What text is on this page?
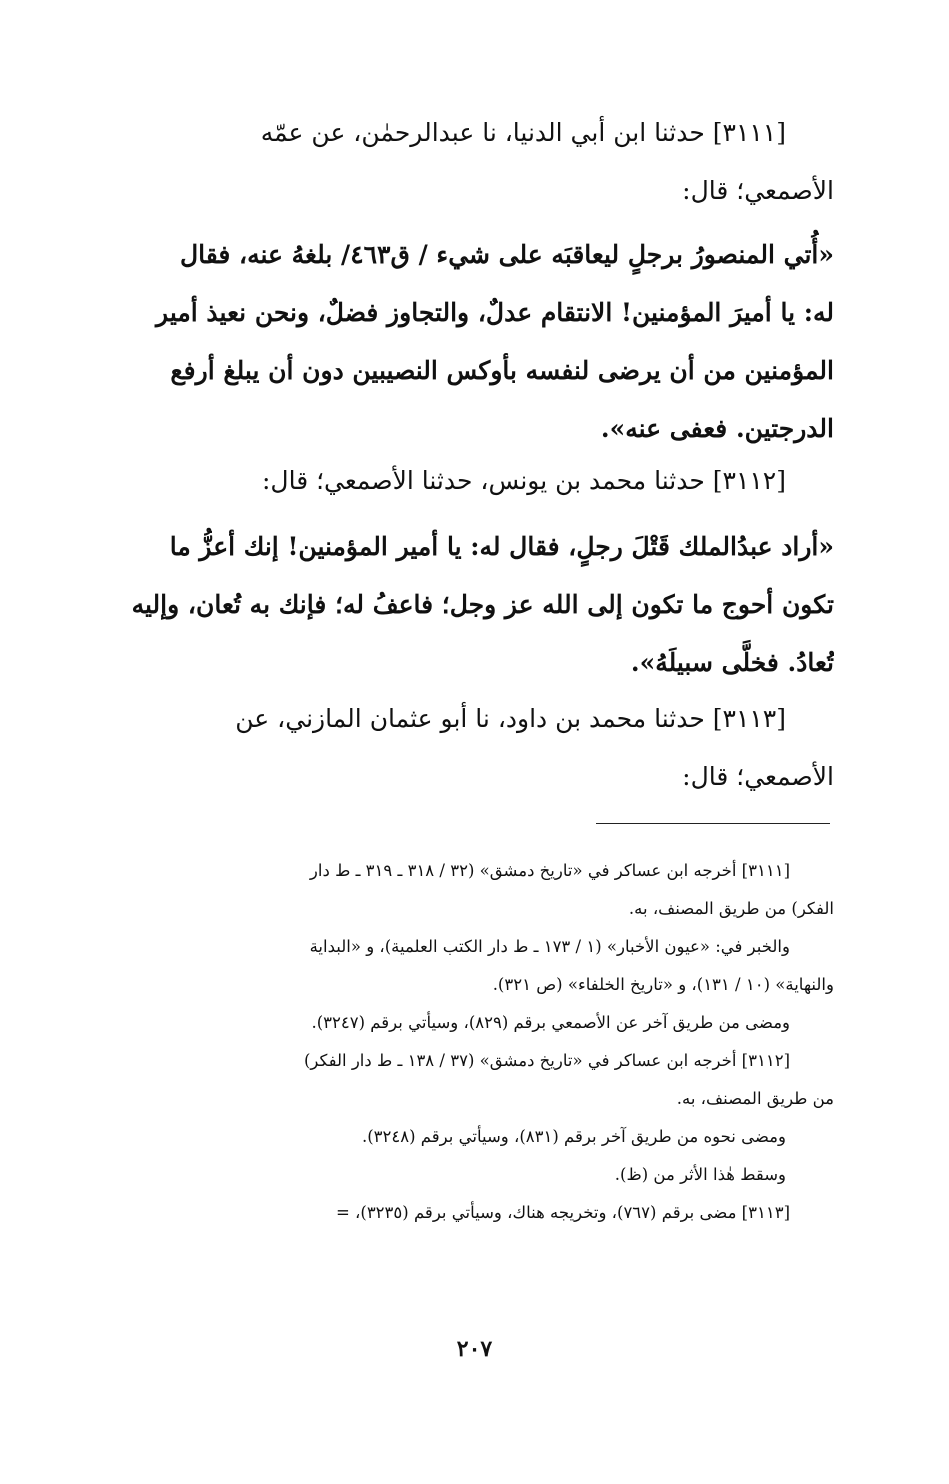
[٣١١١] حدثنا ابن أبي الدنيا، نا عبدالرحمٰن، عن عمّه
الأصمعي؛ قال:
«أُتي المنصورُ برجلٍ ليعاقبَه على شيء / ق٤٦٣/ بلغهُ عنه، فقال
له: يا أميرَ المؤمنين! الانتقام عدلٌ، والتجاوز فضلٌ، ونحن نعيذ أمير
المؤمنين من أن يرضى لنفسه بأوكس النصيبين دون أن يبلغ أرفع
الدرجتين. فعفى عنه».
[٣١١٢] حدثنا محمد بن يونس، حدثنا الأصمعي؛ قال:
«أراد عبدُالملك قَتْلَ رجلٍ، فقال له: يا أمير المؤمنين! إنك أعزُّ ما
تكون أحوج ما تكون إلى الله عز وجل؛ فاعفُ له؛ فإنك به تُعان، وإليه
تُعادُ. فخلَّى سبيلَهُ».
[٣١١٣] حدثنا محمد بن داود، نا أبو عثمان المازني، عن
الأصمعي؛ قال:
[٣١١١] أخرجه ابن عساكر في «تاريخ دمشق» (٣٢ / ٣١٨ ـ ٣١٩ ـ ط دار
الفكر) من طريق المصنف، به.
والخبر في: «عيون الأخبار» (١ / ١٧٣ ـ ط دار الكتب العلمية)، و «البداية
والنهاية» (١٠ / ١٣١)، و «تاريخ الخلفاء» (ص ٣٢١).
ومضى من طريق آخر عن الأصمعي برقم (٨٢٩)، وسيأتي برقم (٣٢٤٧).
[٣١١٢] أخرجه ابن عساكر في «تاريخ دمشق» (٣٧ / ١٣٨ ـ ط دار الفكر)
من طريق المصنف، به.
ومضى نحوه من طريق آخر برقم (٨٣١)، وسيأتي برقم (٣٢٤٨).
وسقط هٰذا الأثر من (ظ).
[٣١١٣] مضى برقم (٧٦٧)، وتخريجه هناك، وسيأتي برقم (٣٢٣٥)، =
٢٠٧
